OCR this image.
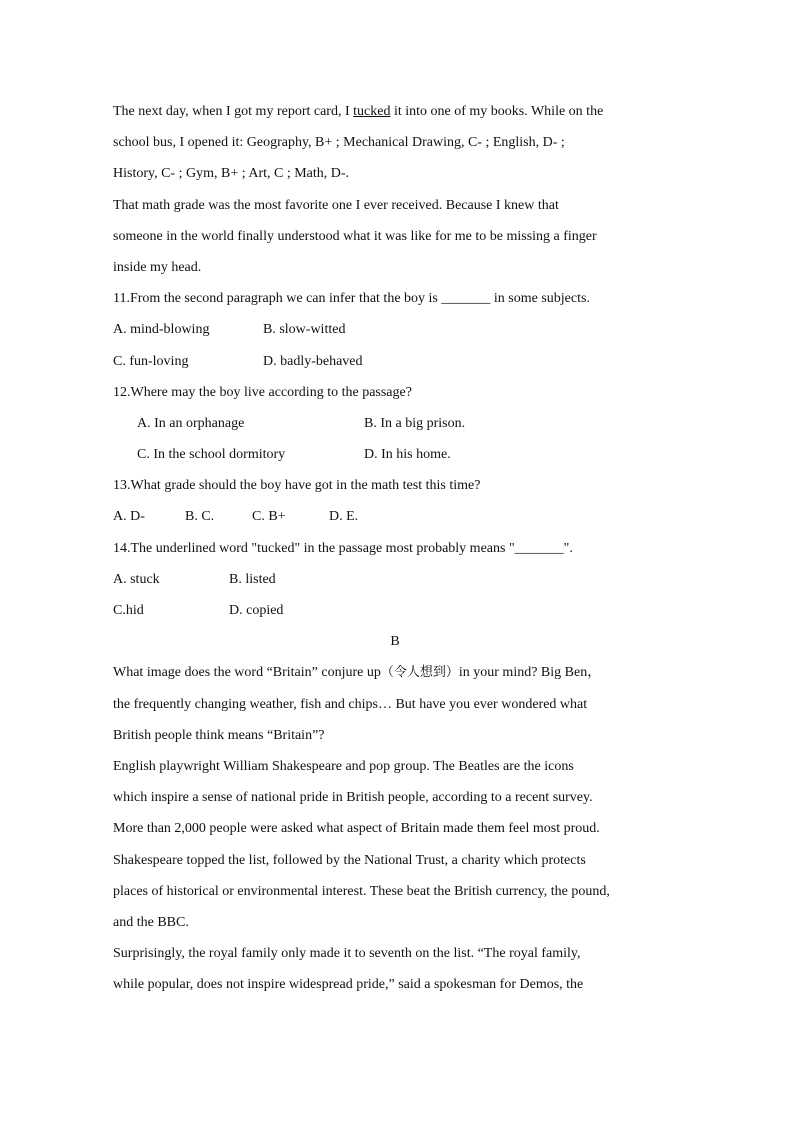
The next day, when I got my report card, I tucked it into one of my books. While on the
school bus, I opened it: Geography, B+ ; Mechanical Drawing, C- ; English, D- ;
History, C- ; Gym, B+ ; Art, C ; Math, D-.
That math grade was the most favorite one I ever received. Because I knew that
someone in the world finally understood what it was like for me to be missing a finger
inside my head.
11.From the second paragraph we can infer that the boy is _______ in some subjects.
A. mind-blowing	B. slow-witted
C. fun-loving	D. badly-behaved
12.Where may the boy live according to the passage?
A. In an orphanage	B. In a big prison.
C. In the school dormitory	D. In his home.
13.What grade should the boy have got in the math test this time?
A. D-	B. C.	C. B+	D. E.
14.The underlined word "tucked" in the passage most probably means "_______".
A. stuck	B. listed
C.hid	D. copied
B
What image does the word “Britain” conjure up（令人想到）in your mind? Big Ben，
the frequently changing weather, fish and chips… But have you ever wondered what
British people think means “Britain”?
English playwright William Shakespeare and pop group. The Beatles are the icons
which inspire a sense of national pride in British people, according to a recent survey.
More than 2,000 people were asked what aspect of Britain made them feel most proud.
Shakespeare topped the list, followed by the National Trust, a charity which protects
places of historical or environmental interest. These beat the British currency, the pound,
and the BBC.
Surprisingly, the royal family only made it to seventh on the list. “The royal family,
while popular, does not inspire widespread pride,” said a spokesman for Demos, the
